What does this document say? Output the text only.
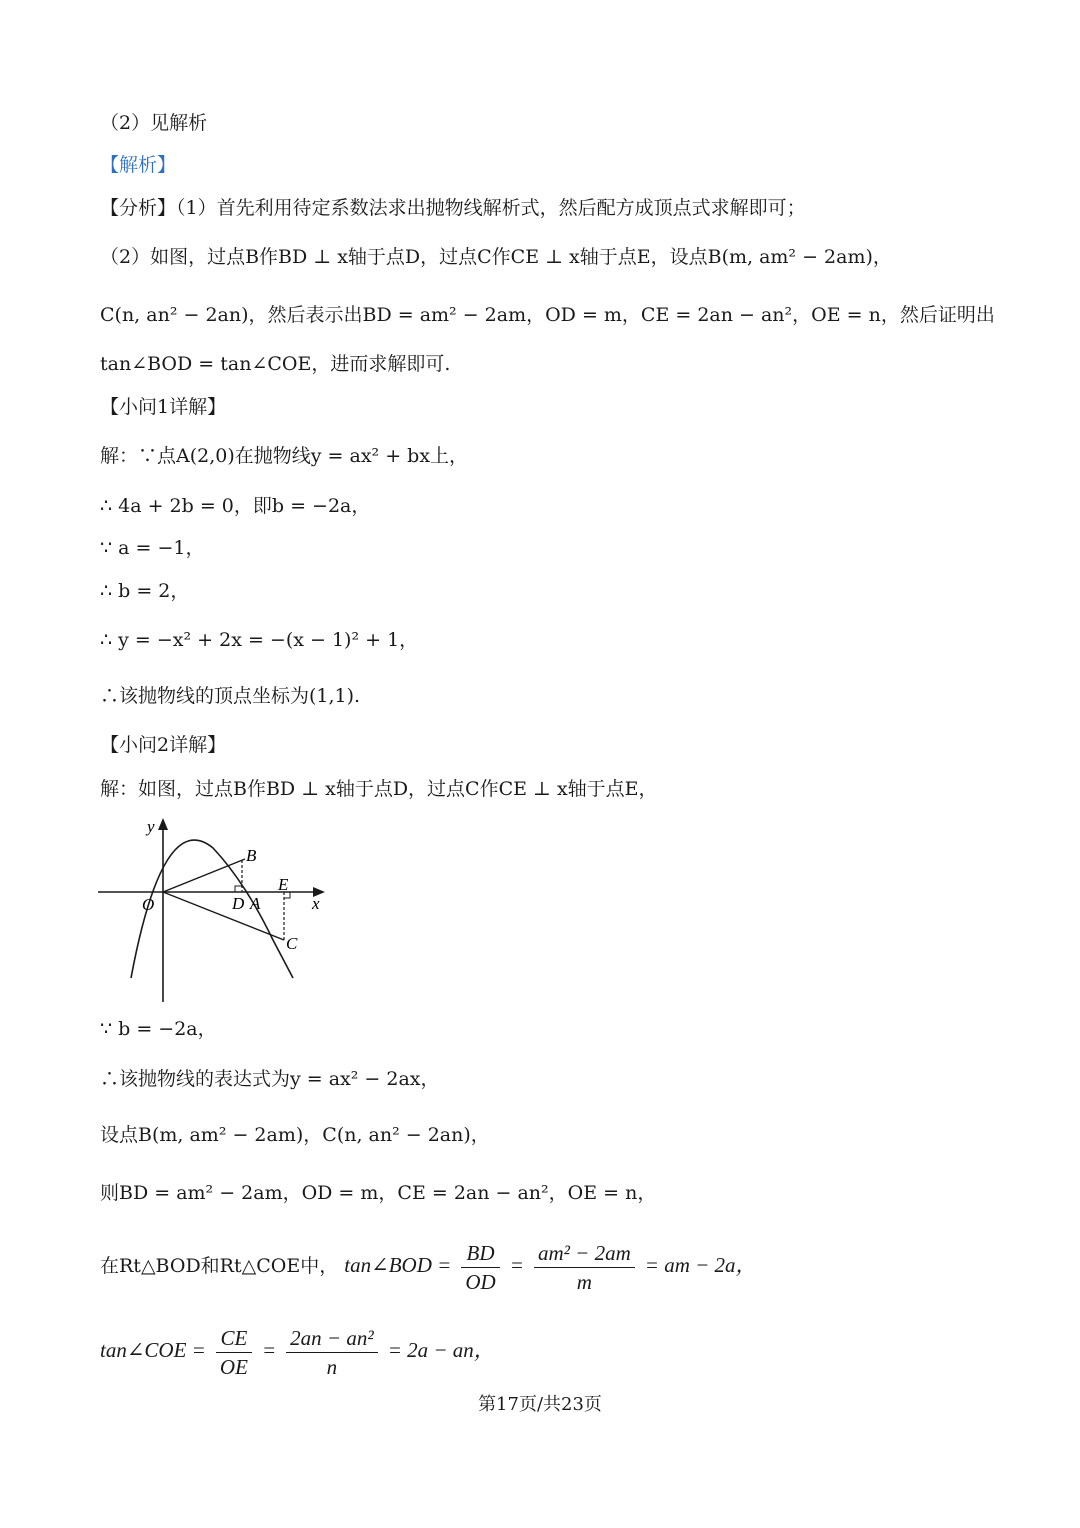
（2）见解析
【解析】
【分析】（1）首先利用待定系数法求出抛物线解析式，然后配方成顶点式求解即可；
（2）如图，过点B作BD ⊥ x轴于点D，过点C作CE ⊥ x轴于点E，设点B(m, am² − 2am)，
C(n, an² − 2an)，然后表示出BD = am² − 2am，OD = m，CE = 2an − an²，OE = n，然后证明出
tan∠BOD = tan∠COE，进而求解即可.
【小问1详解】
解：∵点A(2,0)在抛物线y = ax² + bx上，
∴ 4a + 2b = 0，即b = −2a，
∵ a = −1，
∴ b = 2，
∴ y = −x² + 2x = −(x − 1)² + 1，
∴该抛物线的顶点坐标为(1,1).
【小问2详解】
解：如图，过点B作BD ⊥ x轴于点D，过点C作CE ⊥ x轴于点E，
y
x
O
B
D A
E
C
∵ b = −2a，
∴该抛物线的表达式为y = ax² − 2ax，
设点B(m, am² − 2am)，C(n, an² − 2an)，
则BD = am² − 2am，OD = m，CE = 2an − an²，OE = n，
在Rt△BOD和Rt△COE中， tan∠BOD = $\frac{BD}{OD} = \frac{\text{am² − 2am}}{m}$ = am − 2a，
tan∠COE = $\frac{CE}{OE} = \frac{\text{2an − an²}}{n} = 2a$ − an，
第17页/共23页
